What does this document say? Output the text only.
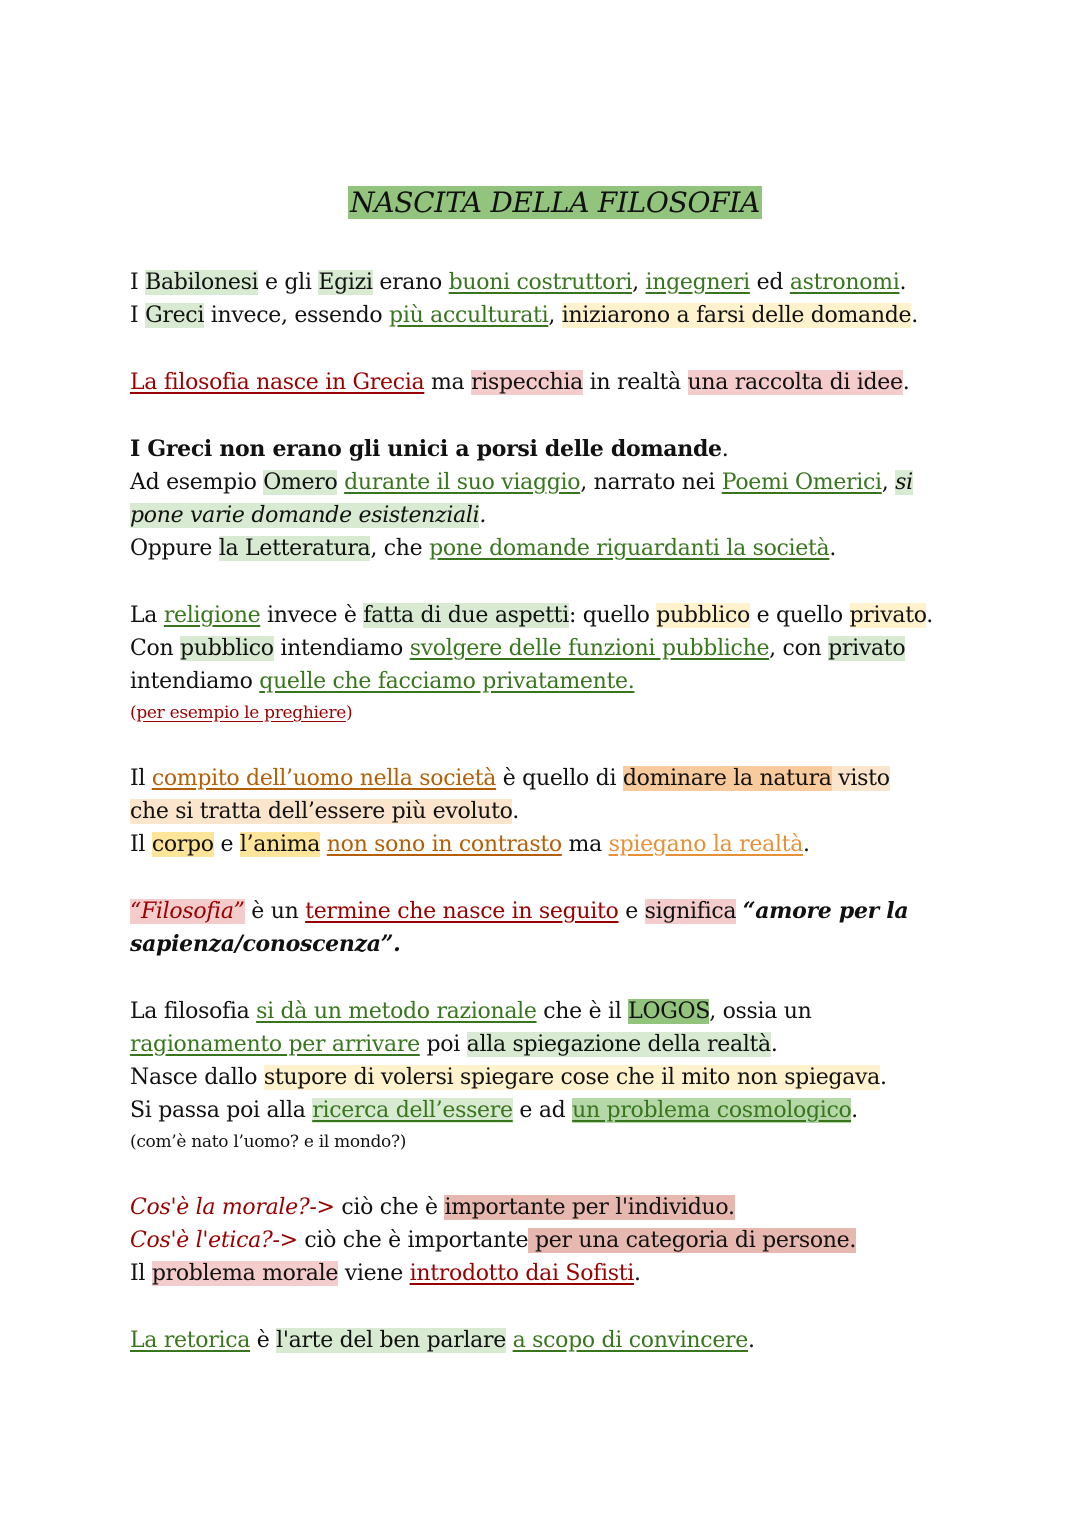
NASCITA DELLA FILOSOFIA
I Babilonesi e gli Egizi erano buoni costruttori, ingegneri ed astronomi.
I Greci invece, essendo più acculturati, iniziarono a farsi delle domande.
La filosofia nasce in Grecia ma rispecchia in realtà una raccolta di idee.
I Greci non erano gli unici a porsi delle domande.
Ad esempio Omero durante il suo viaggio, narrato nei Poemi Omerici, si
pone varie domande esistenziali.
Oppure la Letteratura, che pone domande riguardanti la società.
La religione invece è fatta di due aspetti: quello pubblico e quello privato.
Con pubblico intendiamo svolgere delle funzioni pubbliche, con privato
intendiamo quelle che facciamo privatamente.
(per esempio le preghiere)
Il compito dell’uomo nella società è quello di dominare la natura visto
che si tratta dell’essere più evoluto.
Il corpo e l’anima non sono in contrasto ma spiegano la realtà.
“Filosofia” è un termine che nasce in seguito e significa “amore per la
sapienza/conoscenza”.
La filosofia si dà un metodo razionale che è il LOGOS, ossia un
ragionamento per arrivare poi alla spiegazione della realtà.
Nasce dallo stupore di volersi spiegare cose che il mito non spiegava.
Si passa poi alla ricerca dell’essere e ad un problema cosmologico.
(com’è nato l’uomo? e il mondo?)
Cos'è la morale?-> ciò che è importante per l'individuo.
Cos'è l'etica?-> ciò che è importante per una categoria di persone.
Il problema morale viene introdotto dai Sofisti.
La retorica è l'arte del ben parlare a scopo di convincere.
